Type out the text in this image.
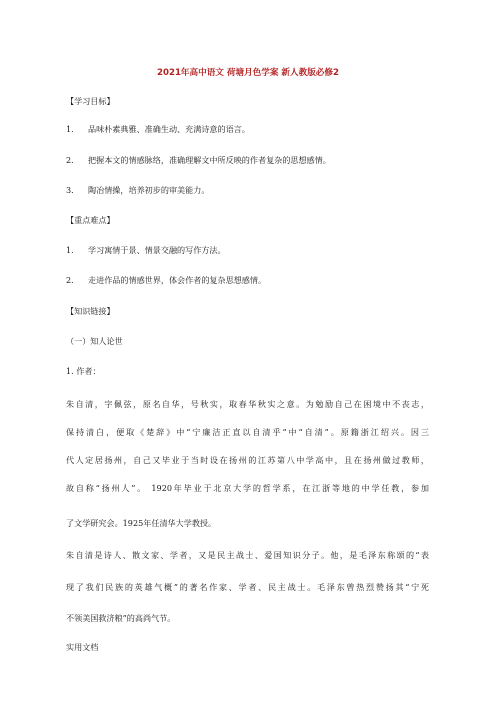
2021年高中语文 荷塘月色学案 新人教版必修2
【学习目标】
1. 品味朴素典雅、准确生动、充满诗意的语言。
2. 把握本文的情感脉络，准确理解文中所反映的作者复杂的思想感情。
3. 陶冶情操，培养初步的审美能力。
【重点难点】
1. 学习寓情于景、情景交融的写作方法。
2. 走进作品的情感世界，体会作者的复杂思想感情。
【知识链接】
（一）知人论世
1. 作者：
朱自清，字佩弦，原名自华，号秋实，取春华秋实之意。为勉励自己在困境中不丧志，
保持清白，便取《楚辞》中“宁廉洁正直以自清乎”中“自清”。原籍浙江绍兴。因三
代人定居扬州，自己又毕业于当时设在扬州的江苏第八中学高中，且在扬州做过教师，
故自称“扬州人”。 1920年毕业于北京大学的哲学系，在江浙等地的中学任教，参加
了文学研究会。1925年任清华大学教授。
朱自清是诗人、散文家、学者，又是民主战士、爱国知识分子。他，是毛泽东称颂的“表
现了我们民族的英雄气概”的著名作家、学者、民主战士。毛泽东曾热烈赞扬其“宁死
不领美国救济粮”的高尚气节。
实用文档
